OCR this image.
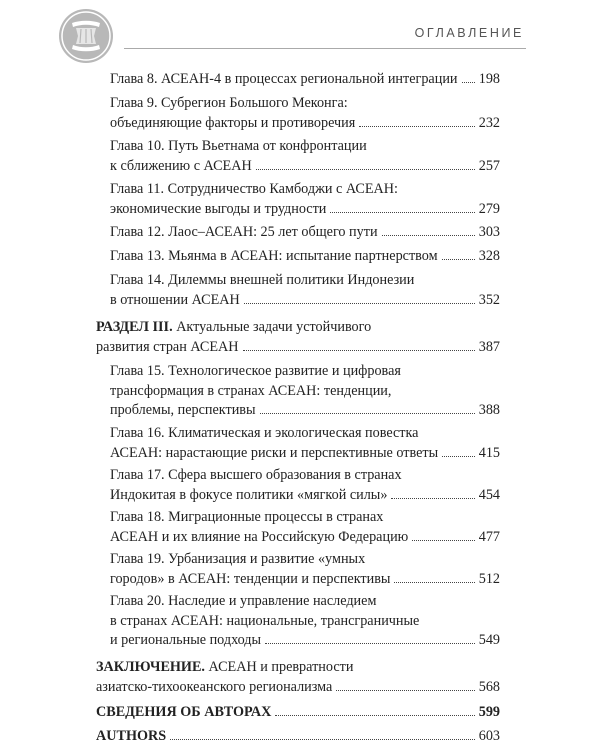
ОГЛАВЛЕНИЕ
Глава 8. АСЕАН-4 в процессах региональной интеграции 198
Глава 9. Субрегион Большого Меконга:
объединяющие факторы и противоречия	232
Глава 10. Путь Вьетнама от конфронтации
к сближению с АСЕАН	257
Глава 11. Сотрудничество Камбоджи с АСЕАН:
экономические выгоды и трудности	279
Глава 12. Лаос–АСЕАН: 25 лет общего пути	303
Глава 13. Мьянма в АСЕАН: испытание партнерством	328
Глава 14. Дилеммы внешней политики Индонезии
в отношении АСЕАН	352
РАЗДЕЛ III. Актуальные задачи устойчивого
развития стран АСЕАН	387
Глава 15. Технологическое развитие и цифровая
трансформация в странах АСЕАН: тенденции,
проблемы, перспективы	388
Глава 16. Климатическая и экологическая повестка
АСЕАН: нарастающие риски и перспективные ответы	415
Глава 17. Сфера высшего образования в странах
Индокитая в фокусе политики «мягкой силы»	454
Глава 18. Миграционные процессы в странах
АСЕАН и их влияние на Российскую Федерацию	477
Глава 19. Урбанизация и развитие «умных
городов» в АСЕАН: тенденции и перспективы	512
Глава 20. Наследие и управление наследием
в странах АСЕАН: национальные, трансграничные
и региональные подходы	549
ЗАКЛЮЧЕНИЕ. АСЕАН и превратности
азиатско-тихоокеанского регионализма	568
СВЕДЕНИЯ ОБ АВТОРАХ	599
AUTHORS	603
